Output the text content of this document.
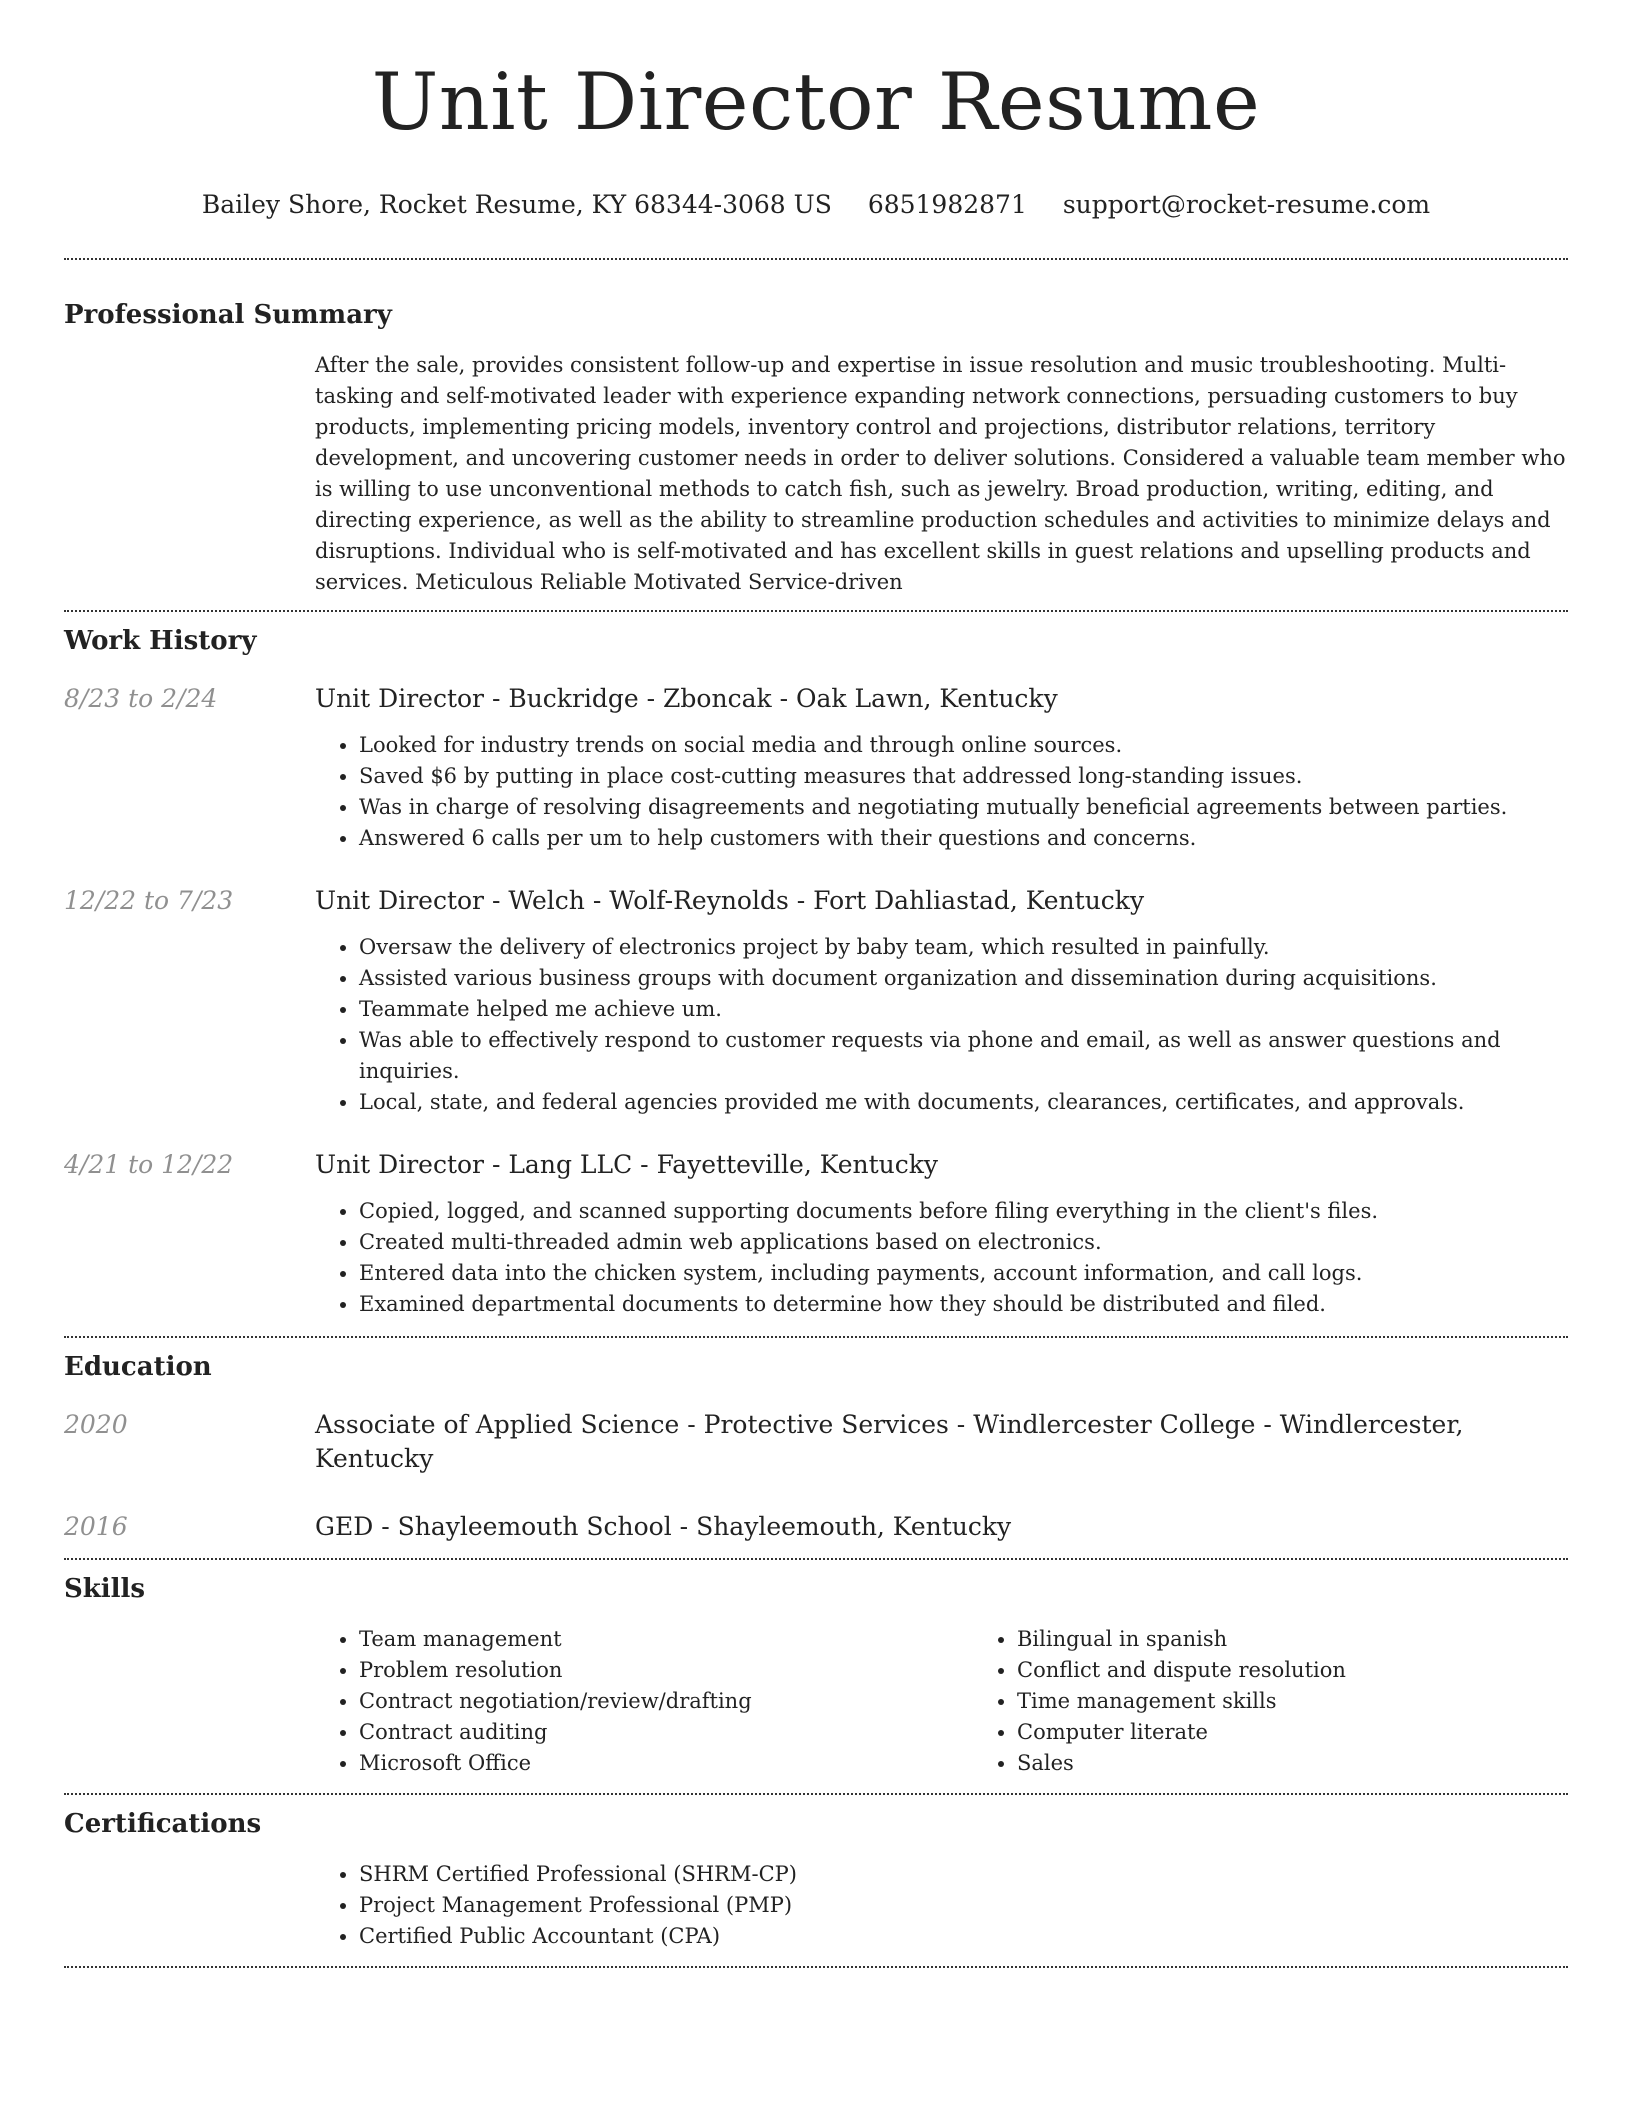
Unit Director Resume
Bailey Shore, Rocket Resume, KY 68344-3068 US 6851982871 support@rocket-resume.com
Professional Summary

After the sale, provides consistent follow-up and expertise in issue resolution and music troubleshooting. Multi-tasking and self-motivated leader with experience expanding network connections, persuading customers to buy products, implementing pricing models, inventory control and projections, distributor relations, territory development, and uncovering customer needs in order to deliver solutions. Considered a valuable team member who is willing to use unconventional methods to catch fish, such as jewelry. Broad production, writing, editing, and directing experience, as well as the ability to streamline production schedules and activities to minimize delays and disruptions. Individual who is self-motivated and has excellent skills in guest relations and upselling products and services. Meticulous Reliable Motivated Service-driven

Work History
8/23 to 2/24	Unit Director - Buckridge - Zboncak - Oak Lawn, Kentucky

• Looked for industry trends on social media and through online sources.
• Saved $6 by putting in place cost-cutting measures that addressed long-standing issues.
• Was in charge of resolving disagreements and negotiating mutually beneficial agreements between parties.
• Answered 6 calls per um to help customers with their questions and concerns.
12/22 to 7/23	Unit Director - Welch - Wolf-Reynolds - Fort Dahliastad, Kentucky

• Oversaw the delivery of electronics project by baby team, which resulted in painfully.
• Assisted various business groups with document organization and dissemination during acquisitions.
• Teammate helped me achieve um.
• Was able to effectively respond to customer requests via phone and email, as well as answer questions and inquiries.
• Local, state, and federal agencies provided me with documents, clearances, certificates, and approvals.
4/21 to 12/22	Unit Director - Lang LLC - Fayetteville, Kentucky

• Copied, logged, and scanned supporting documents before filing everything in the client's files.
• Created multi-threaded admin web applications based on electronics.
• Entered data into the chicken system, including payments, account information, and call logs.
• Examined departmental documents to determine how they should be distributed and filed.
Education
2020	Associate of Applied Science - Protective Services - Windlercester College - Windlercester, Kentucky

2016	GED - Shayleemouth School - Shayleemouth, Kentucky

Skills
• Team management
• Problem resolution
• Contract negotiation/review/drafting
• Contract auditing
• Microsoft Office
• Bilingual in spanish
• Conflict and dispute resolution
• Time management skills
• Computer literate
• Sales
Certifications
• SHRM Certified Professional (SHRM-CP)
• Project Management Professional (PMP)
• Certified Public Accountant (CPA)
